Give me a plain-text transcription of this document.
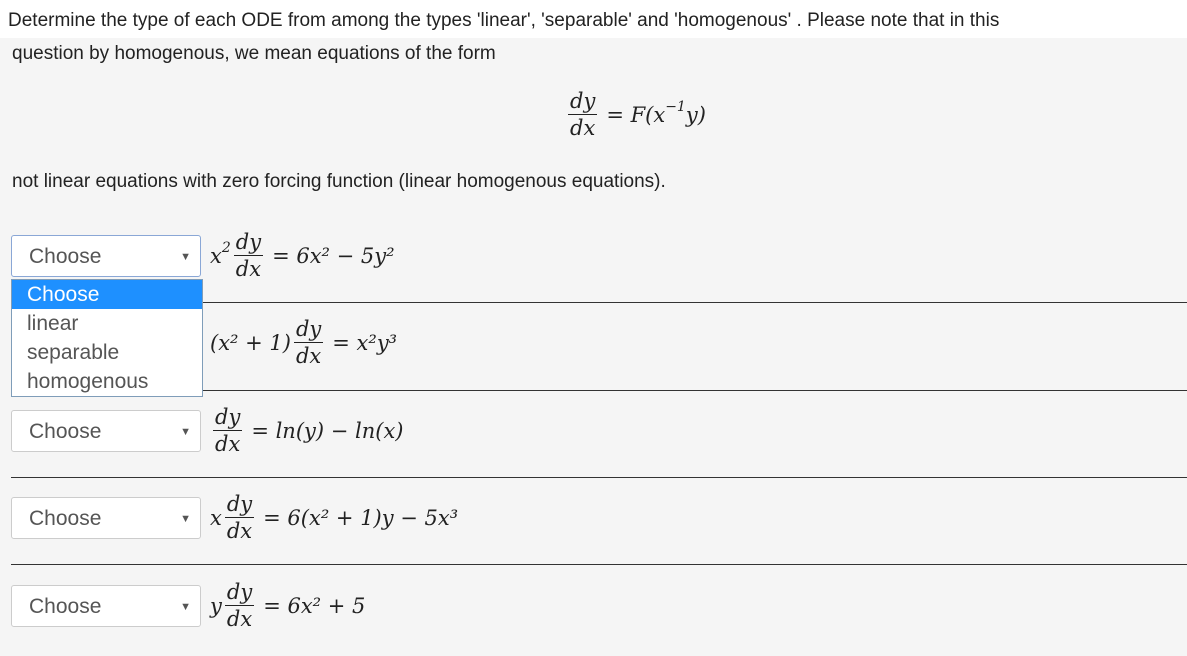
Determine the type of each ODE from among the types 'linear', 'separable' and 'homogenous' . Please note that in this
question by homogenous, we mean equations of the form
$\frac{dy}{dx} = F(x^{-1}$ y)
not linear equations with zero forcing function (linear homogenous equations).
Choose	▼ $x^2 \frac{dy}{dx} = 6x^2 - 5y^2$
$(x^2 + 1) \frac{dy}{dx} = x^2y^3$
Choose	▼ $\frac{dy}{dx} = \ln(y) - \ln(x)$
Choose	▼ x $\frac{dy}{dx} = 6(x^2 + 1)y - 5x^3$
Choose	▼ y $\frac{dy}{dx} = 6x^2 + 5$
Choose
linear
separable
homogenous
